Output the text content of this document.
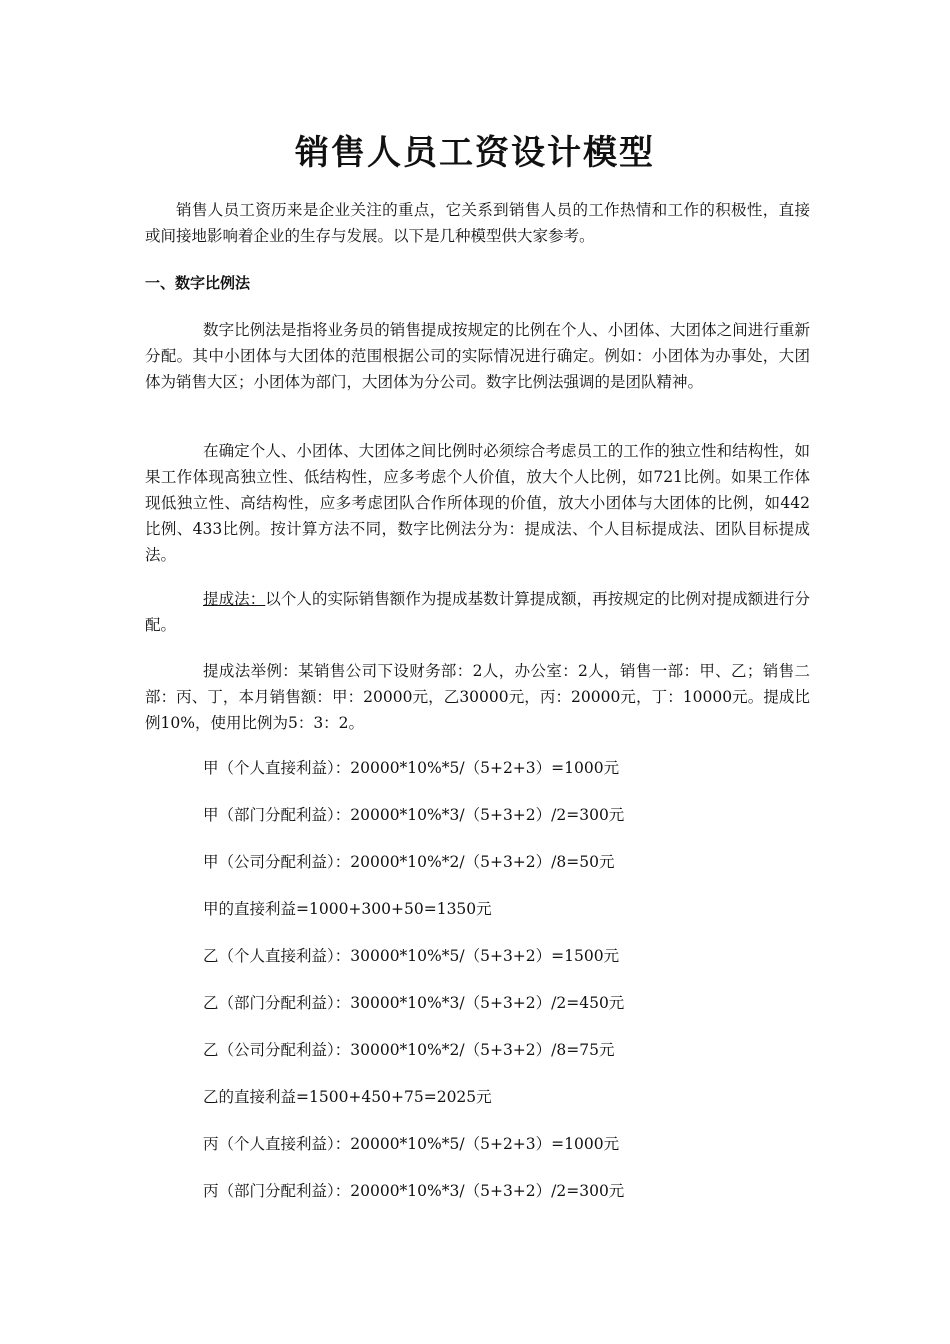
销售人员工资设计模型
销售人员工资历来是企业关注的重点，它关系到销售人员的工作热情和工作的积极性，直接或间接地影响着企业的生存与发展。以下是几种模型供大家参考。
一、数字比例法
数字比例法是指将业务员的销售提成按规定的比例在个人、小团体、大团体之间进行重新分配。其中小团体与大团体的范围根据公司的实际情况进行确定。例如：小团体为办事处，大团体为销售大区；小团体为部门，大团体为分公司。数字比例法强调的是团队精神。
在确定个人、小团体、大团体之间比例时必须综合考虑员工的工作的独立性和结构性，如果工作体现高独立性、低结构性，应多考虑个人价值，放大个人比例，如721比例。如果工作体现低独立性、高结构性，应多考虑团队合作所体现的价值，放大小团体与大团体的比例，如442比例、433比例。按计算方法不同，数字比例法分为：提成法、个人目标提成法、团队目标提成法。
提成法：以个人的实际销售额作为提成基数计算提成额，再按规定的比例对提成额进行分配。
提成法举例：某销售公司下设财务部：2人，办公室：2人，销售一部：甲、乙；销售二部：丙、丁，本月销售额：甲：20000元，乙30000元，丙：20000元，丁：10000元。提成比例10%，使用比例为5：3：2。
甲（个人直接利益）：20000*10%*5/（5+2+3）=1000元
甲（部门分配利益）：20000*10%*3/（5+3+2）/2=300元
甲（公司分配利益）：20000*10%*2/（5+3+2）/8=50元
甲的直接利益=1000+300+50=1350元
乙（个人直接利益）：30000*10%*5/（5+3+2）=1500元
乙（部门分配利益）：30000*10%*3/（5+3+2）/2=450元
乙（公司分配利益）：30000*10%*2/（5+3+2）/8=75元
乙的直接利益=1500+450+75=2025元
丙（个人直接利益）：20000*10%*5/（5+2+3）=1000元
丙（部门分配利益）：20000*10%*3/（5+3+2）/2=300元
